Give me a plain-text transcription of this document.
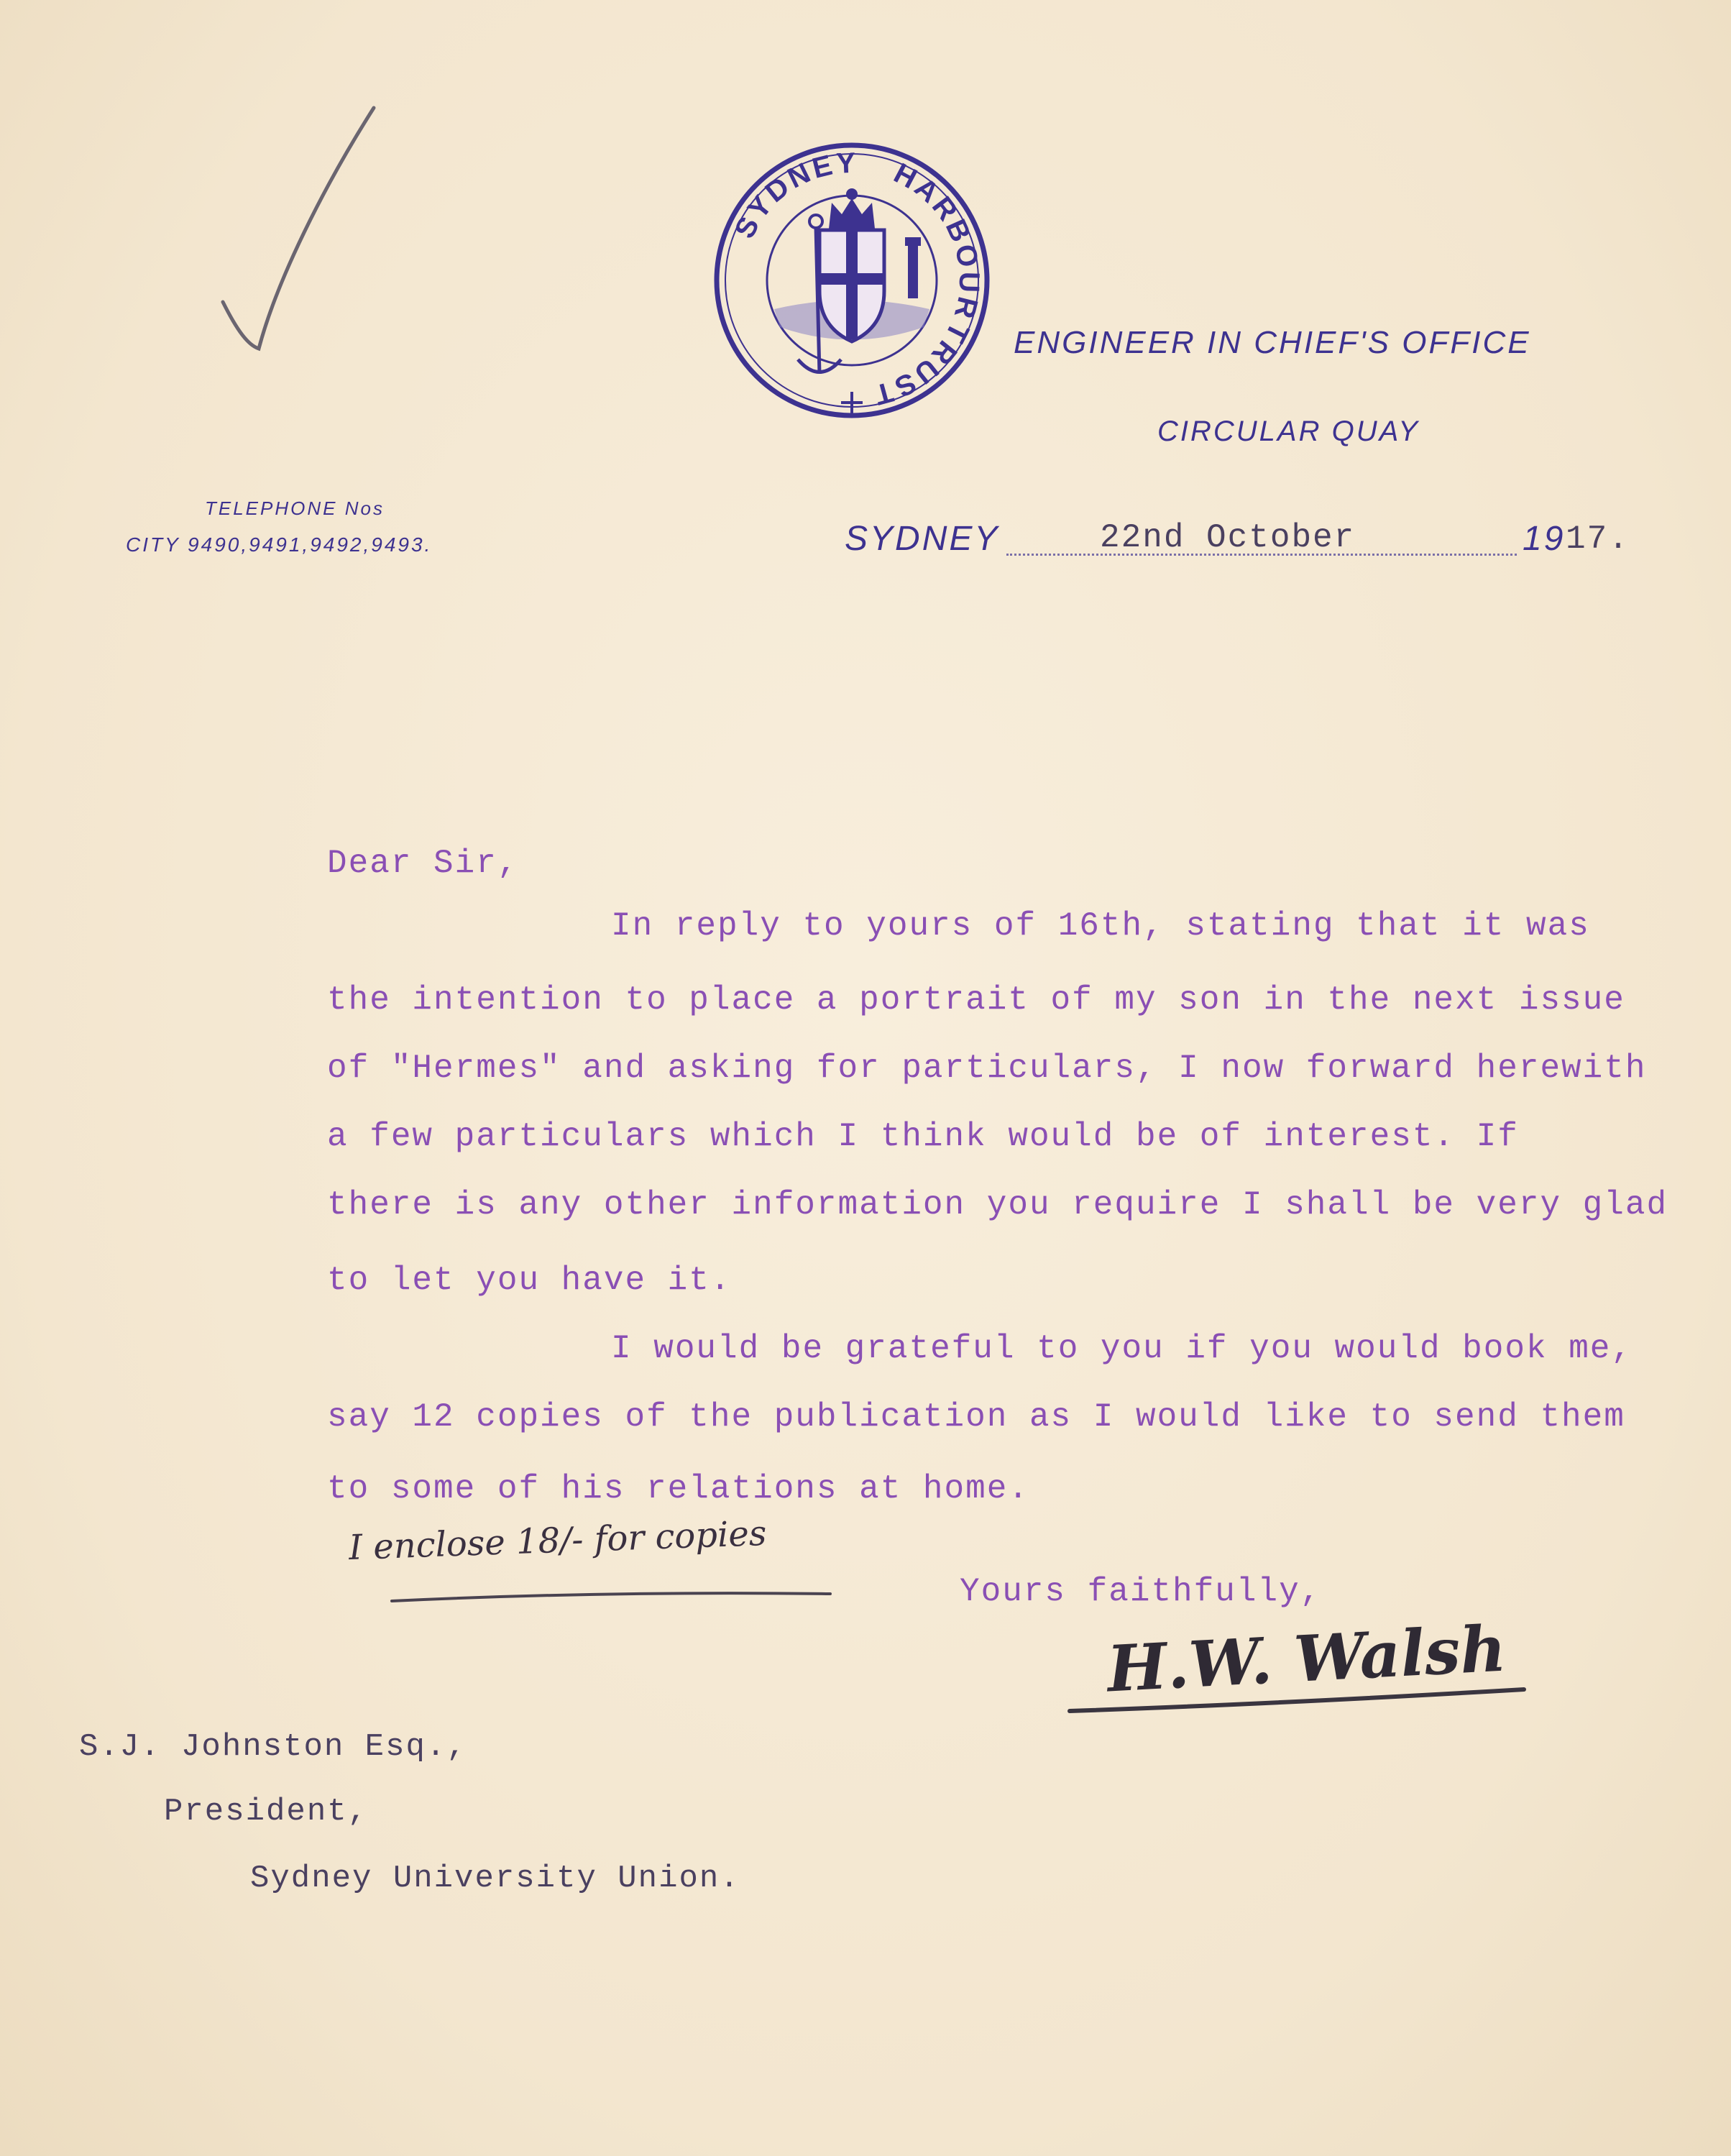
SYDNEY HARBOUR
TRUST
ENGINEER IN CHIEF'S OFFICE
CIRCULAR QUAY
TELEPHONE Nos
CITY 9490,9491,9492,9493.	SYDNEY	22nd October	19 17.
Dear Sir,
In reply to yours of 16th, stating that it was
the intention to place a portrait of my son in the next issue
of "Hermes" and asking for particulars, I now forward herewith
a few particulars which I think would be of interest. If
there is any other information you require I shall be very glad
to let you have it.
I would be grateful to you if you would book me,
say 12 copies of the publication as I would like to send them
to some of his relations at home.
I enclose 18/- for copies
Yours faithfully,
H.W. Walsh
S.J. Johnston Esq.,
President,
Sydney University Union.
